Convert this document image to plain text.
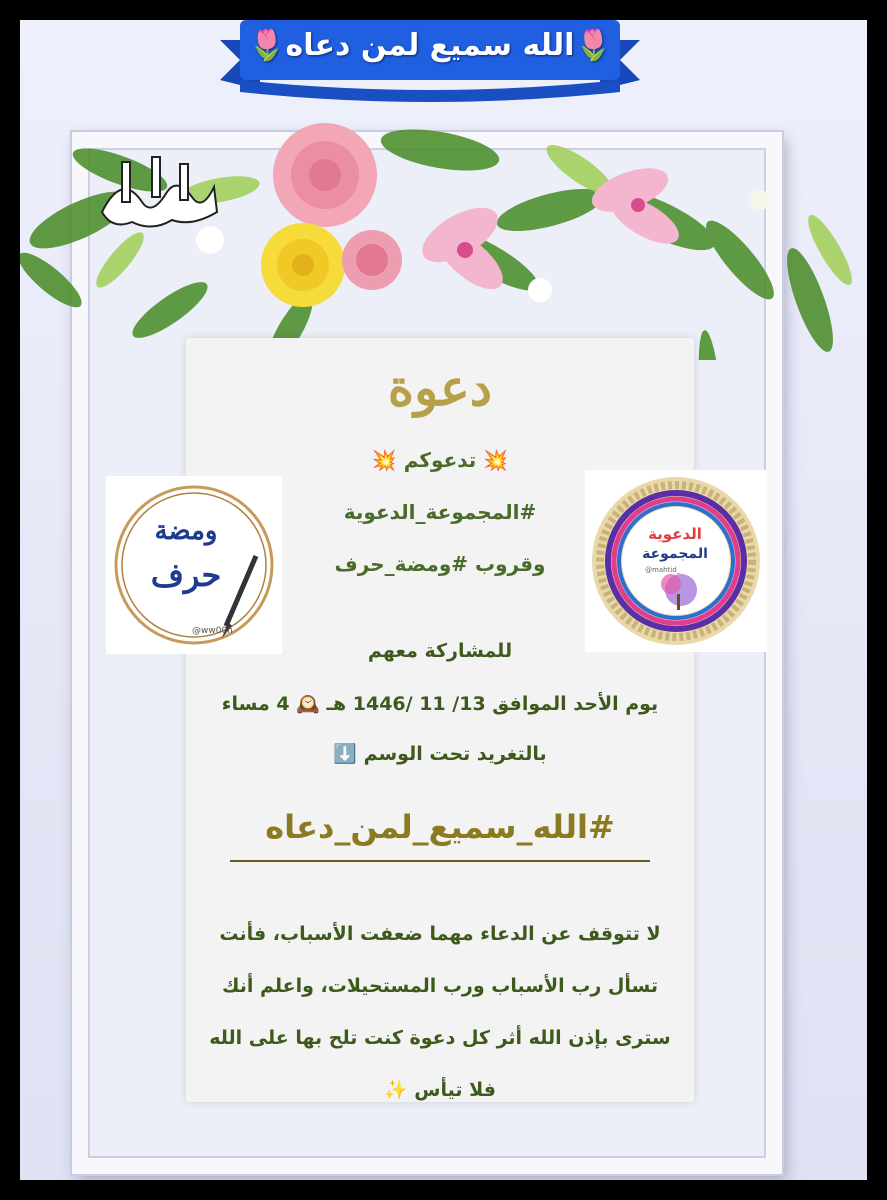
🌷الله سميع لمن دعاه🌷
دعوة
💥 تدعوكم 💥
#المجموعة_الدعوية
وقروب #ومضة_حرف
للمشاركة معهم
يوم الأحد الموافق 13/ 11 /1446 هـ 🕰️ 4 مساء
بالتغريد تحت الوسم ⬇️
#الله_سميع_لمن_دعاه
لا تتوقف عن الدعاء مهما ضعفت الأسباب، فأنت
تسأل رب الأسباب ورب المستحيلات، واعلم أنك
سترى بإذن الله أثر كل دعوة كنت تلح بها على الله
فلا تيأس ✨
ومضة
حرف
@ww00h
الدعوية
المجموعة
@mahtid_
